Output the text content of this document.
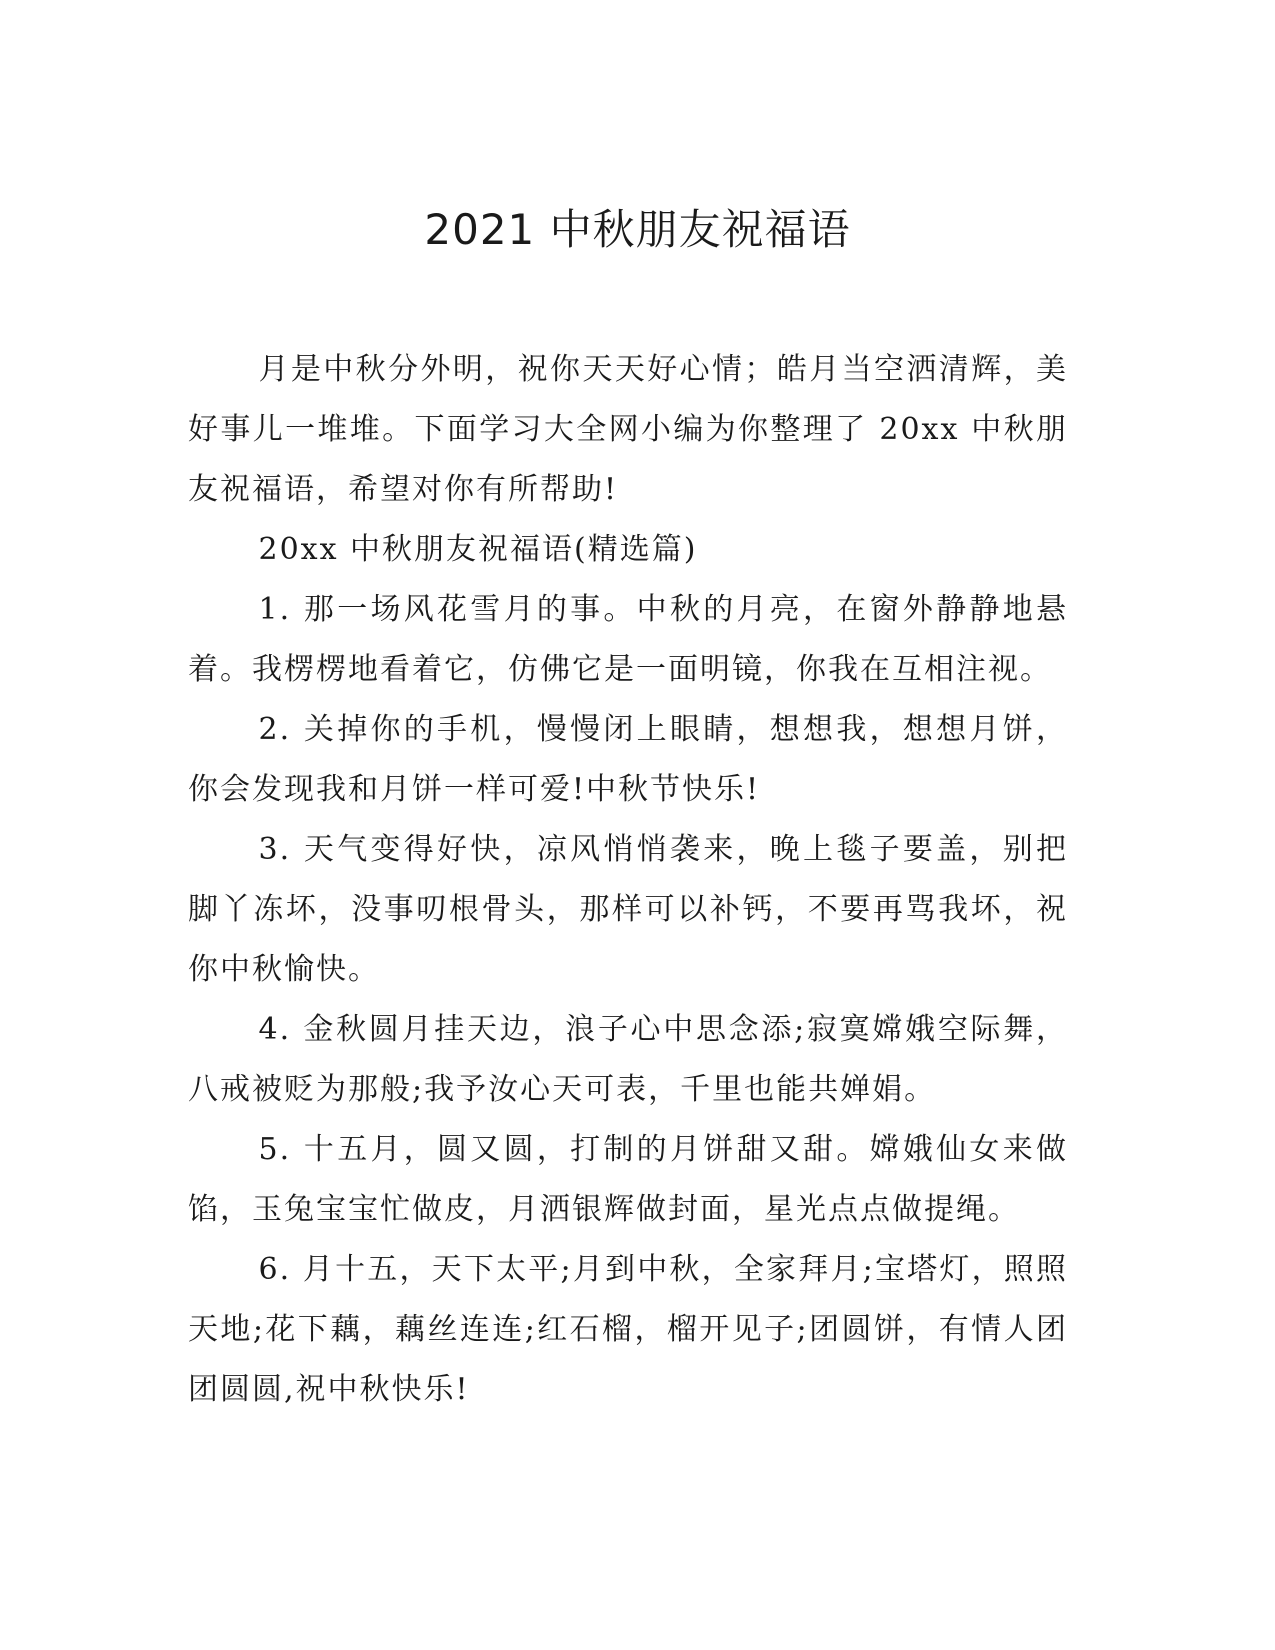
2021 中秋朋友祝福语

月是中秋分外明，祝你天天好心情；皓月当空洒清辉，美好事儿一堆堆。下面学习大全网小编为你整理了 20xx 中秋朋友祝福语，希望对你有所帮助!

20xx 中秋朋友祝福语(精选篇)

1. 那一场风花雪月的事。中秋的月亮，在窗外静静地悬着。我楞楞地看着它，仿佛它是一面明镜，你我在互相注视。

2. 关掉你的手机，慢慢闭上眼睛，想想我，想想月饼，你会发现我和月饼一样可爱!中秋节快乐!

3. 天气变得好快，凉风悄悄袭来，晚上毯子要盖，别把脚丫冻坏，没事叨根骨头，那样可以补钙，不要再骂我坏，祝你中秋愉快。

4. 金秋圆月挂天边，浪子心中思念添;寂寞嫦娥空际舞，八戒被贬为那般;我予汝心天可表，千里也能共婵娟。

5. 十五月，圆又圆，打制的月饼甜又甜。嫦娥仙女来做馅，玉兔宝宝忙做皮，月洒银辉做封面，星光点点做提绳。

6. 月十五，天下太平;月到中秋，全家拜月;宝塔灯，照照天地;花下藕，藕丝连连;红石榴，榴开见子;团圆饼，有情人团团圆圆,祝中秋快乐!
